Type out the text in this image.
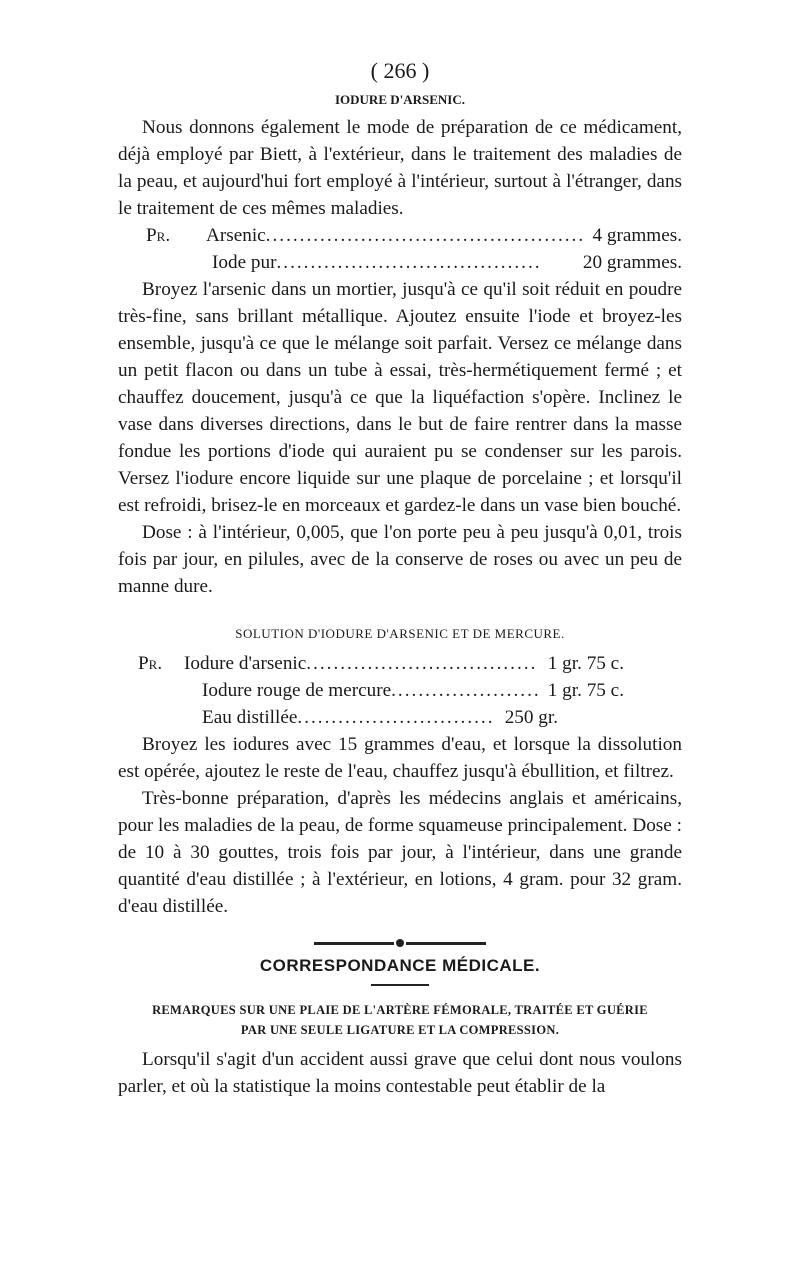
( 266 )
IODURE D'ARSENIC.

Nous donnons également le mode de préparation de ce médicament, déjà employé par Biett, à l'extérieur, dans le traitement des maladies de la peau, et aujourd'hui fort employé à l'intérieur, surtout à l'étranger, dans le traitement de ces mêmes maladies.

Pr. Arsenic .....	4 grammes.
Iode pur .....	20 grammes.

Broyez l'arsenic dans un mortier, jusqu'à ce qu'il soit réduit en poudre très-fine, sans brillant métallique. Ajoutez ensuite l'iode et broyez-les ensemble, jusqu'à ce que le mélange soit parfait. Versez ce mélange dans un petit flacon ou dans un tube à essai, très-hermétiquement fermé ; et chauffez doucement, jusqu'à ce que la liquéfaction s'opère. Inclinez le vase dans diverses directions, dans le but de faire rentrer dans la masse fondue les portions d'iode qui auraient pu se condenser sur les parois. Versez l'iodure encore liquide sur une plaque de porcelaine ; et lorsqu'il est refroidi, brisez-le en morceaux et gardez-le dans un vase bien bouché.

Dose : à l'intérieur, 0,005, que l'on porte peu à peu jusqu'à 0,01, trois fois par jour, en pilules, avec de la conserve de roses ou avec un peu de manne dure.

SOLUTION D'IODURE D'ARSENIC ET DE MERCURE.
Pr. Iodure d'arsenic .....	1 gr. 75 c.
Iodure rouge de mercure .....	1 gr. 75 c.
Eau distillée .....	250 gr.

Broyez les iodures avec 15 grammes d'eau, et lorsque la dissolution est opérée, ajoutez le reste de l'eau, chauffez jusqu'à ébullition, et filtrez.

Très-bonne préparation, d'après les médecins anglais et américains, pour les maladies de la peau, de forme squameuse principalement. Dose : de 10 à 30 gouttes, trois fois par jour, à l'intérieur, dans une grande quantité d'eau distillée ; à l'extérieur, en lotions, 4 gram. pour 32 gram. d'eau distillée.

CORRESPONDANCE MÉDICALE.
REMARQUES SUR UNE PLAIE DE L'ARTÈRE FÉMORALE, TRAITÉE ET GUÉRIE
PAR UNE SEULE LIGATURE ET LA COMPRESSION.

Lorsqu'il s'agit d'un accident aussi grave que celui dont nous voulons parler, et où la statistique la moins contestable peut établir de la
